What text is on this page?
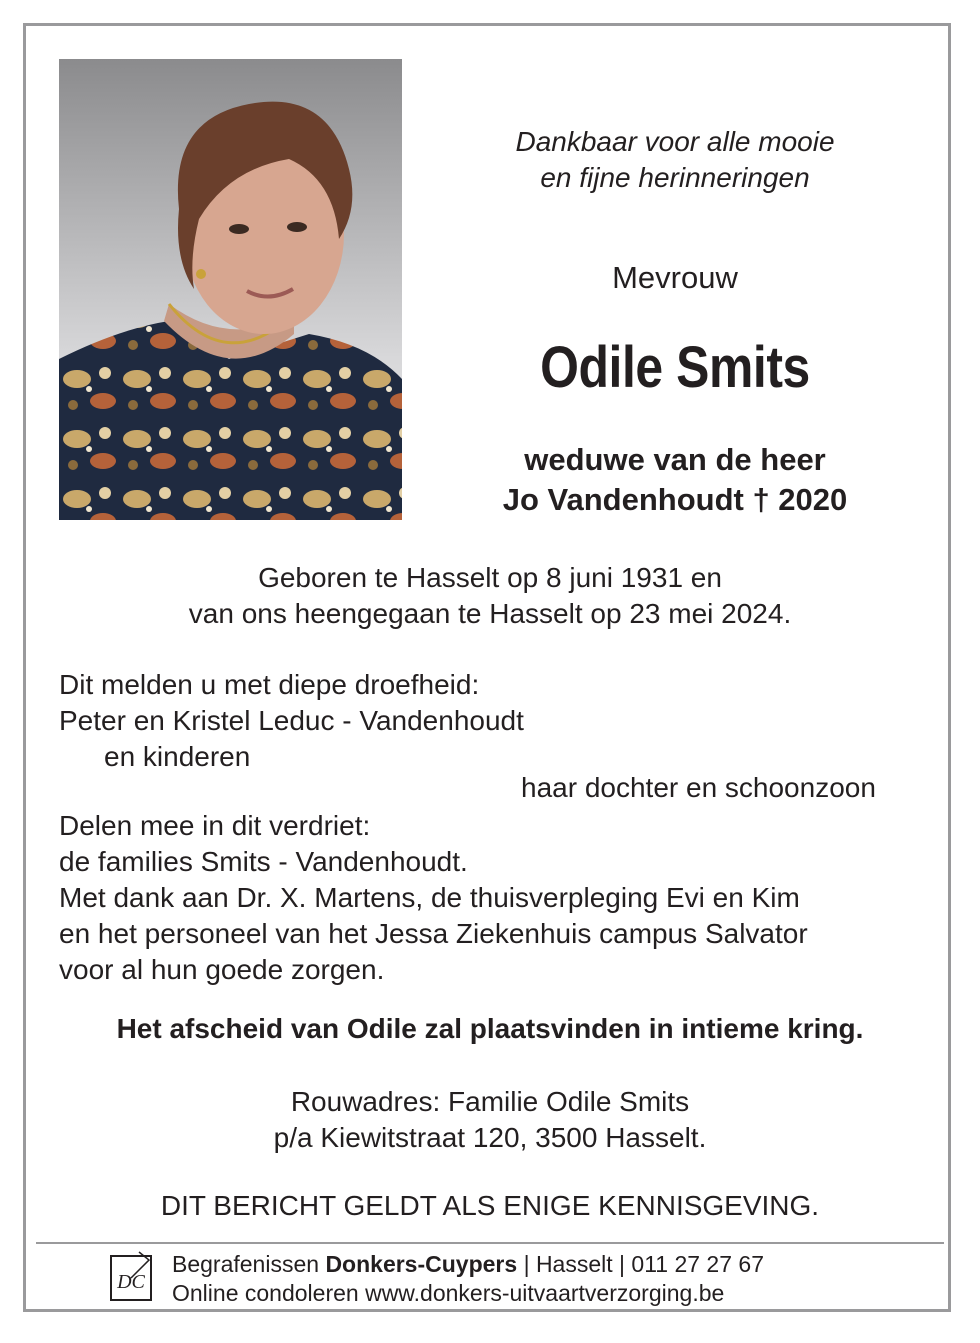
Dankbaar voor alle mooie
en fijne herinneringen
Mevrouw
Odile Smits
weduwe van de heer
Jo Vandenhoudt † 2020
Geboren te Hasselt op 8 juni 1931 en
van ons heengegaan te Hasselt op 23 mei 2024.
Dit melden u met diepe droefheid:
Peter en Kristel Leduc - Vandenhoudt
en kinderen
haar dochter en schoonzoon
Delen mee in dit verdriet:
de families Smits - Vandenhoudt.
Met dank aan Dr. X. Martens, de thuisverpleging Evi en Kim
en het personeel van het Jessa Ziekenhuis campus Salvator
voor al hun goede zorgen.
Het afscheid van Odile zal plaatsvinden in intieme kring.
Rouwadres: Familie Odile Smits
p/a Kiewitstraat 120, 3500 Hasselt.
DIT BERICHT GELDT ALS ENIGE KENNISGEVING.
DC
Begrafenissen Donkers-Cuypers | Hasselt | 011 27 27 67
Online condoleren www.donkers-uitvaartverzorging.be
